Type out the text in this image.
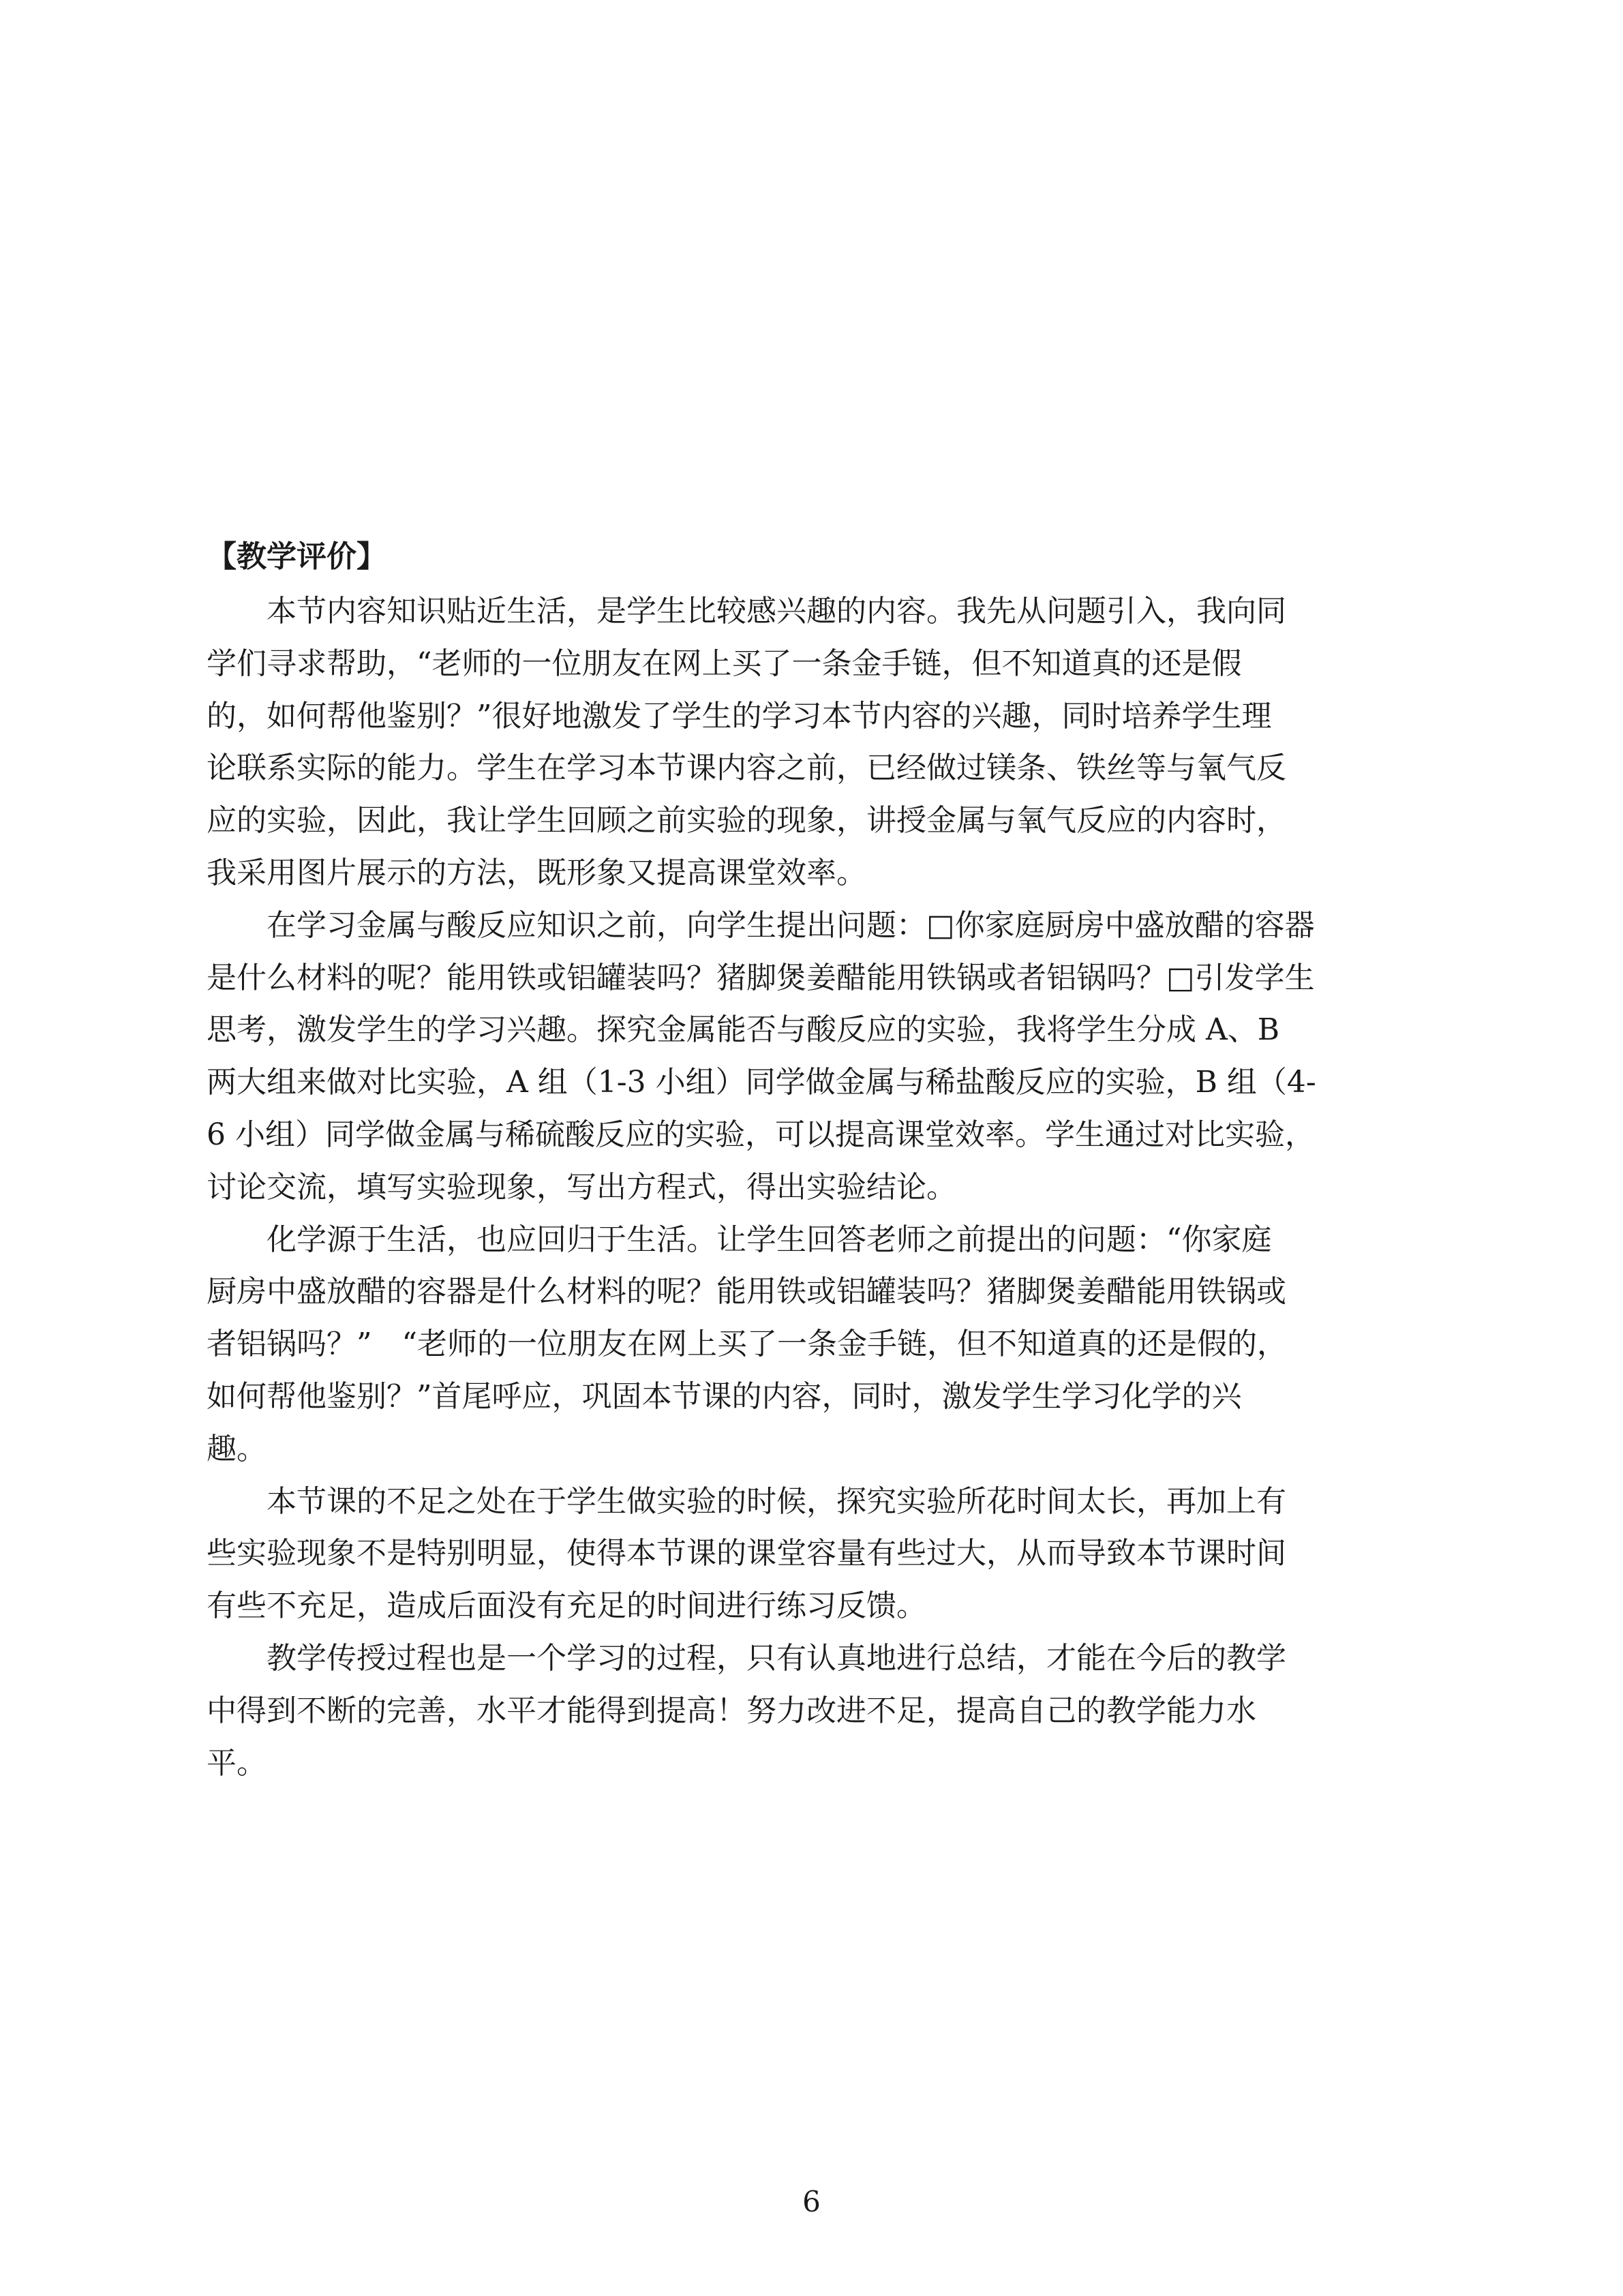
【教学评价】
本节内容知识贴近生活，是学生比较感兴趣的内容。我先从问题引入，我向同
学们寻求帮助，“老师的一位朋友在网上买了一条金手链，但不知道真的还是假
的，如何帮他鉴别？”很好地激发了学生的学习本节内容的兴趣，同时培养学生理
论联系实际的能力。学生在学习本节课内容之前，已经做过镁条、铁丝等与氧气反
应的实验，因此，我让学生回顾之前实验的现象，讲授金属与氧气反应的内容时，
我采用图片展示的方法，既形象又提高课堂效率。
在学习金属与酸反应知识之前，向学生提出问题：□你家庭厨房中盛放醋的容器
是什么材料的呢？能用铁或铝罐装吗？猪脚煲姜醋能用铁锅或者铝锅吗？□引发学生
思考，激发学生的学习兴趣。探究金属能否与酸反应的实验，我将学生分成 A、B
两大组来做对比实验，A 组（1-3 小组）同学做金属与稀盐酸反应的实验，B 组（4-
6 小组）同学做金属与稀硫酸反应的实验，可以提高课堂效率。学生通过对比实验，
讨论交流，填写实验现象，写出方程式，得出实验结论。
化学源于生活，也应回归于生活。让学生回答老师之前提出的问题：“你家庭
厨房中盛放醋的容器是什么材料的呢？能用铁或铝罐装吗？猪脚煲姜醋能用铁锅或
者铝锅吗？”　“老师的一位朋友在网上买了一条金手链，但不知道真的还是假的，
如何帮他鉴别？”首尾呼应，巩固本节课的内容，同时，激发学生学习化学的兴
趣。
本节课的不足之处在于学生做实验的时候，探究实验所花时间太长，再加上有
些实验现象不是特别明显，使得本节课的课堂容量有些过大，从而导致本节课时间
有些不充足，造成后面没有充足的时间进行练习反馈。
教学传授过程也是一个学习的过程，只有认真地进行总结，才能在今后的教学
中得到不断的完善，水平才能得到提高！努力改进不足，提高自己的教学能力水
平。
6
